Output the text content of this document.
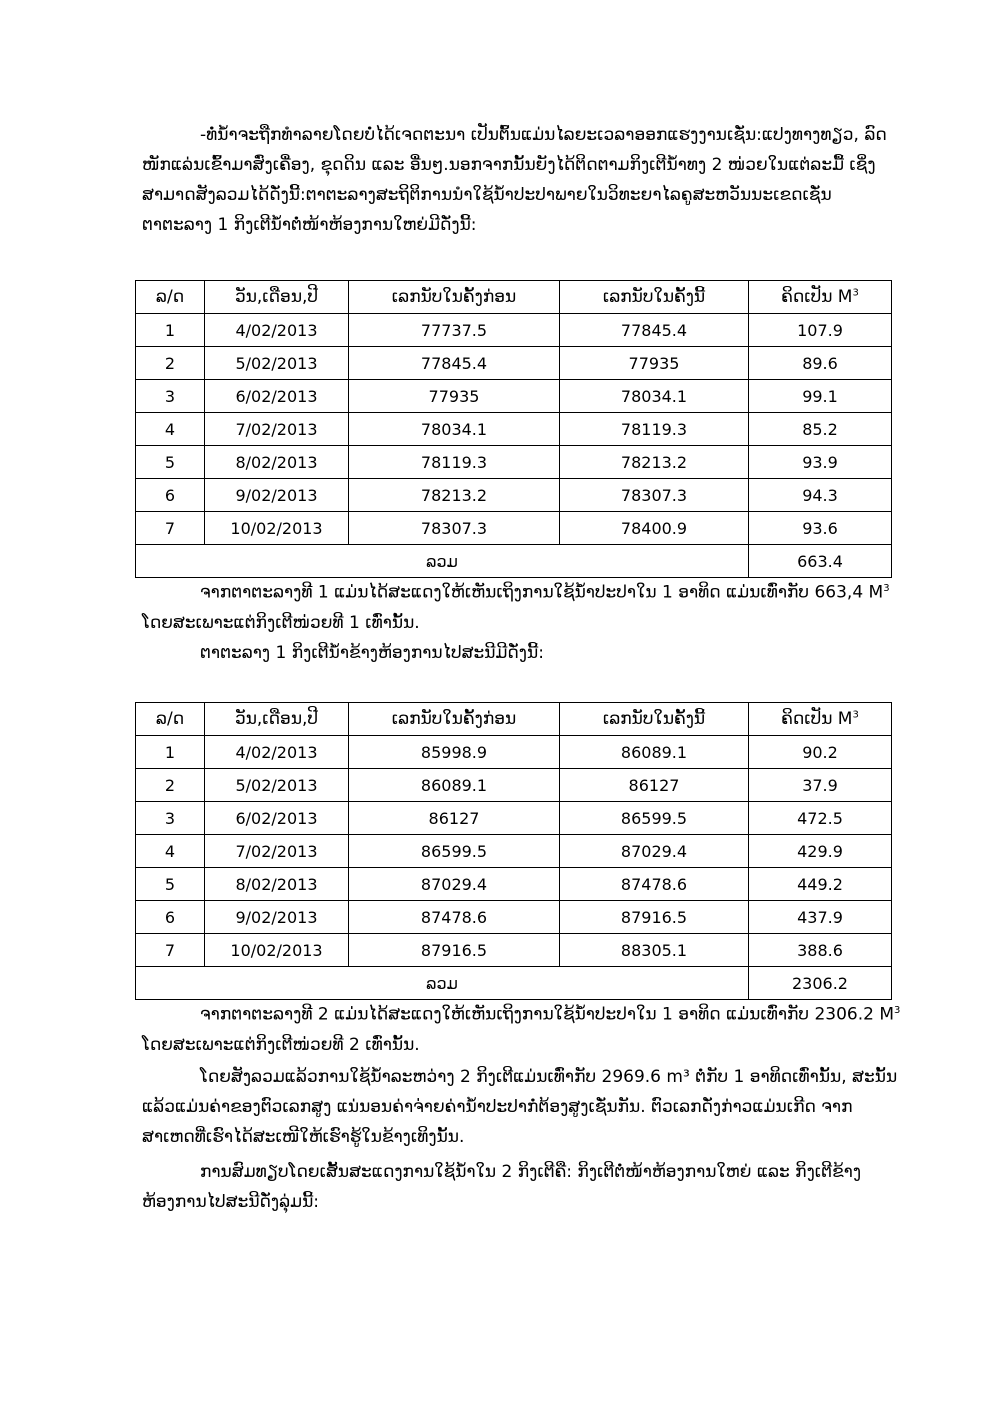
-ທໍ່ນໍ້າຈະຖືກທຳລາຍໂດຍບໍ່ໄດ້ເຈດຕະນາ ເປັນຕົ້ນແມ່ນໄລຍະເວລາອອກແຮງງານເຊັ່ນ:ແປງທາງທຽວ, ລົດໜັກແລ່ນເຂົ້າມາສົ່ງເຄື່ອງ, ຂຸດດິນ ແລະ ອື່ນໆ.ນອກຈາກນັ້ນຍັງໄດ້ຕິດຕາມກິງເຕີນໍ້າທງ 2 ໜ່ວຍໃນແຕ່ລະມື້ ເຊິ່ງສາມາດສັງລວມໄດ້ດັ່ງນີ້:ຕາຕະລາງສະຖິຕິການນຳໃຊ້ນໍ້າປະປາພາຍໃນວິທະຍາໄລຄູສະຫວັນນະເຂດເຊັ່ນ ຕາຕະລາງ 1 ກິງເຕີນໍ້າຕໍ່ໜ້າຫ້ອງການໃຫຍ່ມີດັ່ງນີ້:

ລ/ດ	ວັນ,ເດືອນ,ປີ	ເລກນັບໃນຄັ້ງກ່ອນ	ເລກນັບໃນຄັ້ງນີ້	ຄິດເປັນ $M^3$
1	4/02/2013	77737.5	77845.4	107.9
2	5/02/2013	77845.4	77935	89.6
3	6/02/2013	77935	78034.1	99.1
4	7/02/2013	78034.1	78119.3	85.2
5	8/02/2013	78119.3	78213.2	93.9
6	9/02/2013	78213.2	78307.3	94.3
7	10/02/2013	78307.3	78400.9	93.6
ລວມ				663.4

ຈາກຕາຕະລາງທີ 1 ແມ່ນໄດ້ສະແດງໃຫ້ເຫັນເຖິງການໃຊ້ນໍ້າປະປາໃນ 1 ອາທິດ ແມ່ນເທົ່າກັບ 663,4 $M^3$ ໂດຍສະເພາະແຕ່ກິງເຕີໜ່ວຍທີ 1 ເທົ່ານັ້ນ.

ຕາຕະລາງ 1 ກິງເຕີນໍ້າຂ້າງຫ້ອງການໄປສະນີມີດັ່ງນີ້:

ລ/ດ	ວັນ,ເດືອນ,ປີ	ເລກນັບໃນຄັ້ງກ່ອນ	ເລກນັບໃນຄັ້ງນີ້	ຄິດເປັນ $M^3$
1	4/02/2013	85998.9	86089.1	90.2
2	5/02/2013	86089.1	86127	37.9
3	6/02/2013	86127	86599.5	472.5
4	7/02/2013	86599.5	87029.4	429.9
5	8/02/2013	87029.4	87478.6	449.2
6	9/02/2013	87478.6	87916.5	437.9
7	10/02/2013	87916.5	88305.1	388.6
ລວມ				2306.2

ຈາກຕາຕະລາງທີ 2 ແມ່ນໄດ້ສະແດງໃຫ້ເຫັນເຖິງການໃຊ້ນໍ້າປະປາໃນ 1 ອາທິດ ແມ່ນເທົ່າກັບ 2306.2 $M^3$ ໂດຍສະເພາະແຕ່ກິງເຕີໜ່ວຍທີ 2 ເທົ່ານັ້ນ.

ໂດຍສັງລວມແລ້ວການໃຊ້ນໍ້າລະຫວ່າງ 2 ກິງເຕີແມ່ນເທົ່າກັບ 2969.6 m³ ຕໍ່ກັບ 1 ອາທິດເທົ່ານັ້ນ, ສະນັ້ນແລ້ວແມ່ນຄ່າຂອງຕົວເລກສູງ ແນ່ນອນຄ່າຈ່າຍຄ່ານໍ້າປະປາກໍ່ຕ້ອງສູງເຊັ່ນກັນ. ຕົວເລກດັ່ງກ່າວແມ່ນເກີດ ຈາກສາເຫດທີ່ເຮົາໄດ້ສະເໜີໃຫ້ເຮົາຮູ້ໃນຂ້າງເທິງນັ້ນ.

ການສົມທຽບໂດຍເສັ້ນສະແດງການໃຊ້ນໍ້າໃນ 2 ກິງເຕີຄື: ກິງເຕີຕໍ່ໜ້າຫ້ອງການໃຫຍ່ ແລະ ກິງເຕີຂ້າງ ຫ້ອງການໄປສະນີດັ່ງລຸ່ມນີ້:
